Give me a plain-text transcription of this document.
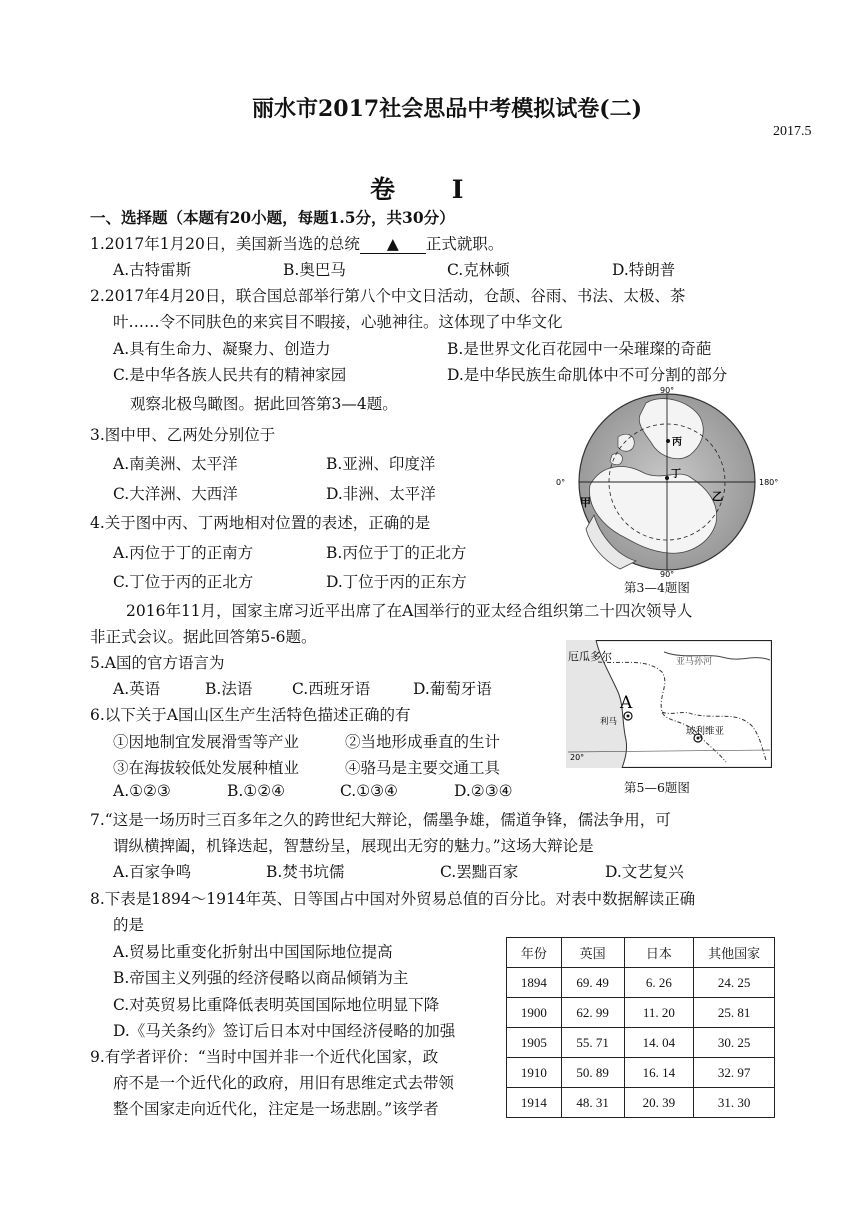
丽水市2017社会思品中考模拟试卷(二)
2017.5
卷 I
一、选择题（本题有20小题，每题1.5分，共30分）
1.2017年1月20日，美国新当选的总统 ▲ 正式就职。
A.古特雷斯	B.奥巴马	C.克林顿	D.特朗普
2.2017年4月20日，联合国总部举行第八个中文日活动，仓颉、谷雨、书法、太极、茶
叶……令不同肤色的来宾目不暇接，心驰神往。这体现了中华文化
A.具有生命力、凝聚力、创造力	B.是世界文化百花园中一朵璀璨的奇葩
C.是中华各族人民共有的精神家园	D.是中华民族生命肌体中不可分割的部分
观察北极鸟瞰图。据此回答第3—4题。
3.图中甲、乙两处分别位于
A.南美洲、太平洋	B.亚洲、印度洋
C.大洋洲、大西洋	D.非洲、太平洋
4.关于图中丙、丁两地相对位置的表述，正确的是
A.丙位于丁的正南方	B.丙位于丁的正北方
C.丁位于丙的正北方	D.丁位于丙的正东方
90°
0°	180°
90°
丙
丁
甲	乙
第3—4题图
2016年11月，国家主席习近平出席了在A国举行的亚太经合组织第二十四次领导人
非正式会议。据此回答第5-6题。
5.A国的官方语言为
A.英语	B.法语	C.西班牙语	D.葡萄牙语
6.以下关于A国山区生产生活特色描述正确的有
①因地制宜发展滑雪等产业	②当地形成垂直的生计
③在海拔较低处发展种植业	④骆马是主要交通工具
A.①②③	B.①②④	C.①③④	D.②③④
厄瓜多尔	亚马孙河
A
利马
玻利维亚
20°
第5—6题图
7.“这是一场历时三百多年之久的跨世纪大辩论，儒墨争雄，儒道争锋，儒法争用，可
谓纵横捭阖，机锋迭起，智慧纷呈，展现出无穷的魅力。”这场大辩论是
A.百家争鸣	B.焚书坑儒	C.罢黜百家	D.文艺复兴
8.下表是1894～1914年英、日等国占中国对外贸易总值的百分比。对表中数据解读正确
的是
A.贸易比重变化折射出中国国际地位提高
B.帝国主义列强的经济侵略以商品倾销为主
C.对英贸易比重降低表明英国国际地位明显下降
D.《马关条约》签订后日本对中国经济侵略的加强
年份	英国	日本	其他国家
1894	69. 49	6. 26	24. 25
1900	62. 99	11. 20	25. 81
1905	55. 71	14. 04	30. 25
1910	50. 89	16. 14	32. 97
1914	48. 31	20. 39	31. 30
9.有学者评价：“当时中国并非一个近代化国家，政
府不是一个近代化的政府，用旧有思维定式去带领
整个国家走向近代化，注定是一场悲剧。”该学者
